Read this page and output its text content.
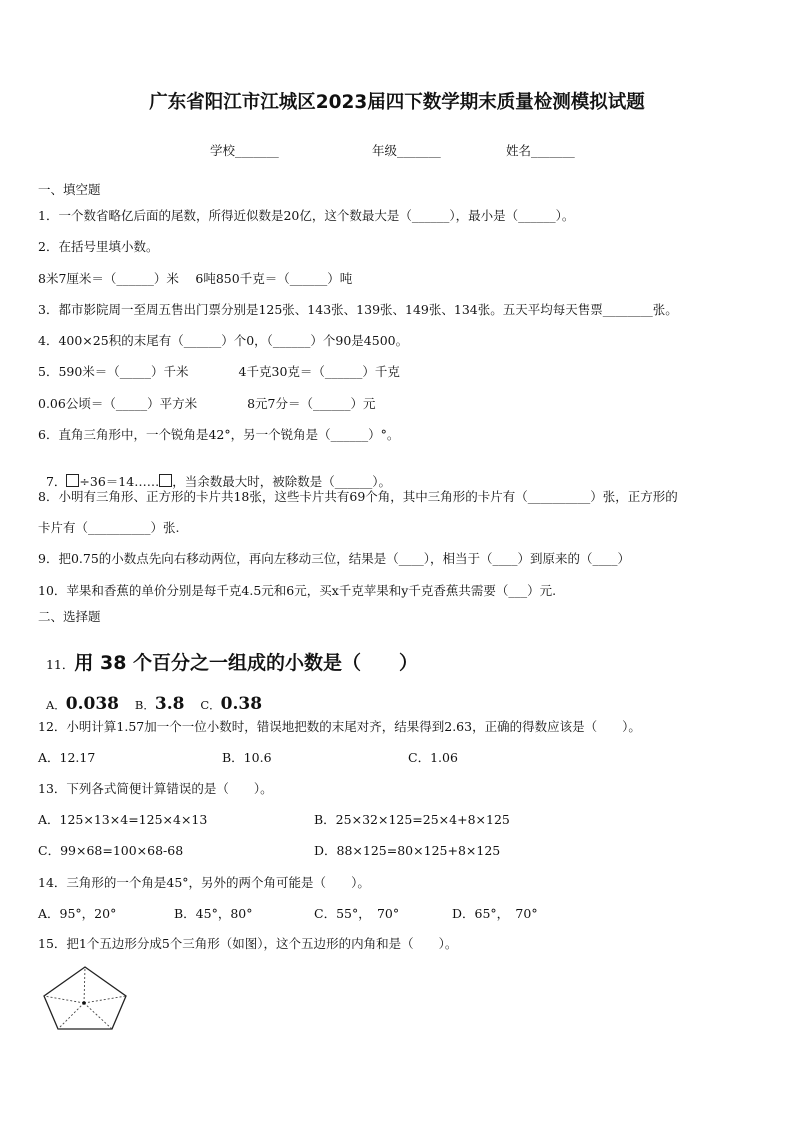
广东省阳江市江城区2023届四下数学期末质量检测模拟试题
学校_______	年级_______	姓名_______
一、填空题
1．一个数省略亿后面的尾数，所得近似数是20亿，这个数最大是（______），最小是（______）。
2．在括号里填小数。
8米7厘米＝（______）米　 6吨850千克＝（______）吨
3．都市影院周一至周五售出门票分别是125张、143张、139张、149张、134张。五天平均每天售票________张。
4．400×25积的末尾有（______）个0，（______）个90是4500。
5．590米＝（_____）千米　　　　4千克30克＝（______）千克
0.06公顷＝（_____）平方米　　　　8元7分＝（______）元
6．直角三角形中，一个锐角是42°，另一个锐角是（______）°。

7． ÷36＝14…… ，当余数最大时，被除数是（______）。

8．小明有三角形、正方形的卡片共18张，这些卡片共有69个角，其中三角形的卡片有（__________）张，正方形的
卡片有（__________）张.
9．把0.75的小数点先向右移动两位，再向左移动三位，结果是（____），相当于（____）到原来的（____）
10．苹果和香蕉的单价分别是每千克4.5元和6元，买x千克苹果和y千克香蕉共需要（___）元.
二、选择题

11．用 38 个百分之一组成的小数是（　　）

A．0.038 B．3.8 C．0.38

12．小明计算1.57加一个一位小数时，错误地把数的末尾对齐，结果得到2.63，正确的得数应该是（　　）。
A．12.17	B．10.6	C．1.06
13．下列各式简便计算错误的是（　　）。
A．125×13×4=125×4×13	B．25×32×125=25×4+8×125
C．99×68=100×68-68	D．88×125=80×125+8×125
14．三角形的一个角是45°，另外的两个角可能是（　　）。
A．95°，20°	B．45°，80°	C．55°，　70°	D．65°，　70°
15．把1个五边形分成5个三角形（如图），这个五边形的内角和是（　　）。
